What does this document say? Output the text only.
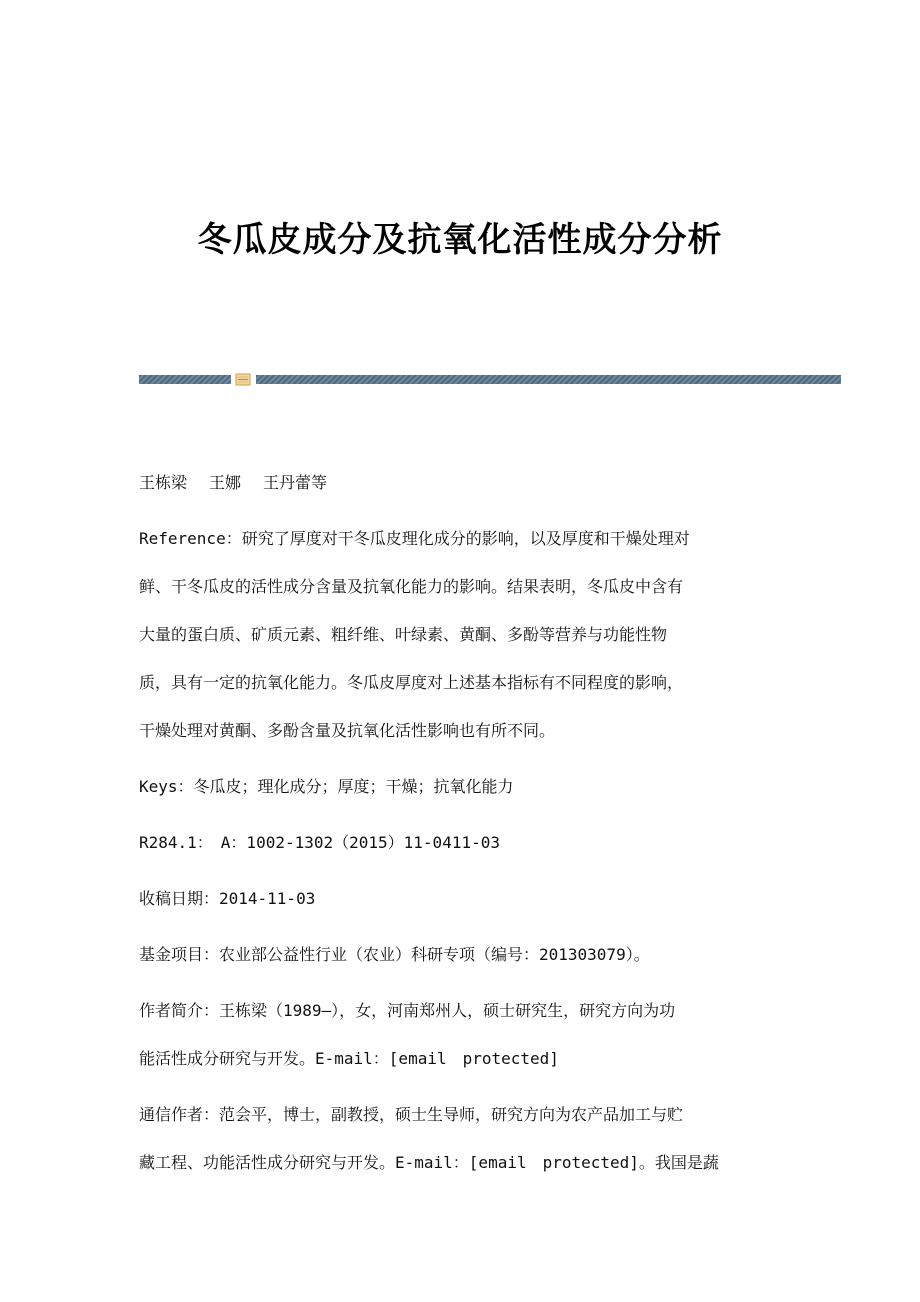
冬瓜皮成分及抗氧化活性成分分析
王栋梁 王娜 王丹蕾等
Reference：研究了厚度对干冬瓜皮理化成分的影响，以及厚度和干燥处理对
鲜、干冬瓜皮的活性成分含量及抗氧化能力的影响。结果表明，冬瓜皮中含有
大量的蛋白质、矿质元素、粗纤维、叶绿素、黄酮、多酚等营养与功能性物
质，具有一定的抗氧化能力。冬瓜皮厚度对上述基本指标有不同程度的影响，
干燥处理对黄酮、多酚含量及抗氧化活性影响也有所不同。
Keys：冬瓜皮；理化成分；厚度；干燥；抗氧化能力
R284.1：　A：1002-1302（2015）11-0411-03
收稿日期：2014-11-03
基金项目：农业部公益性行业（农业）科研专项（编号：201303079）。
作者简介：王栋梁（1989—），女，河南郑州人，硕士研究生，研究方向为功
能活性成分研究与开发。E-mail：[email　protected]
通信作者：范会平，博士，副教授，硕士生导师，研究方向为农产品加工与贮
藏工程、功能活性成分研究与开发。E-mail：[email　protected]。我国是蔬
